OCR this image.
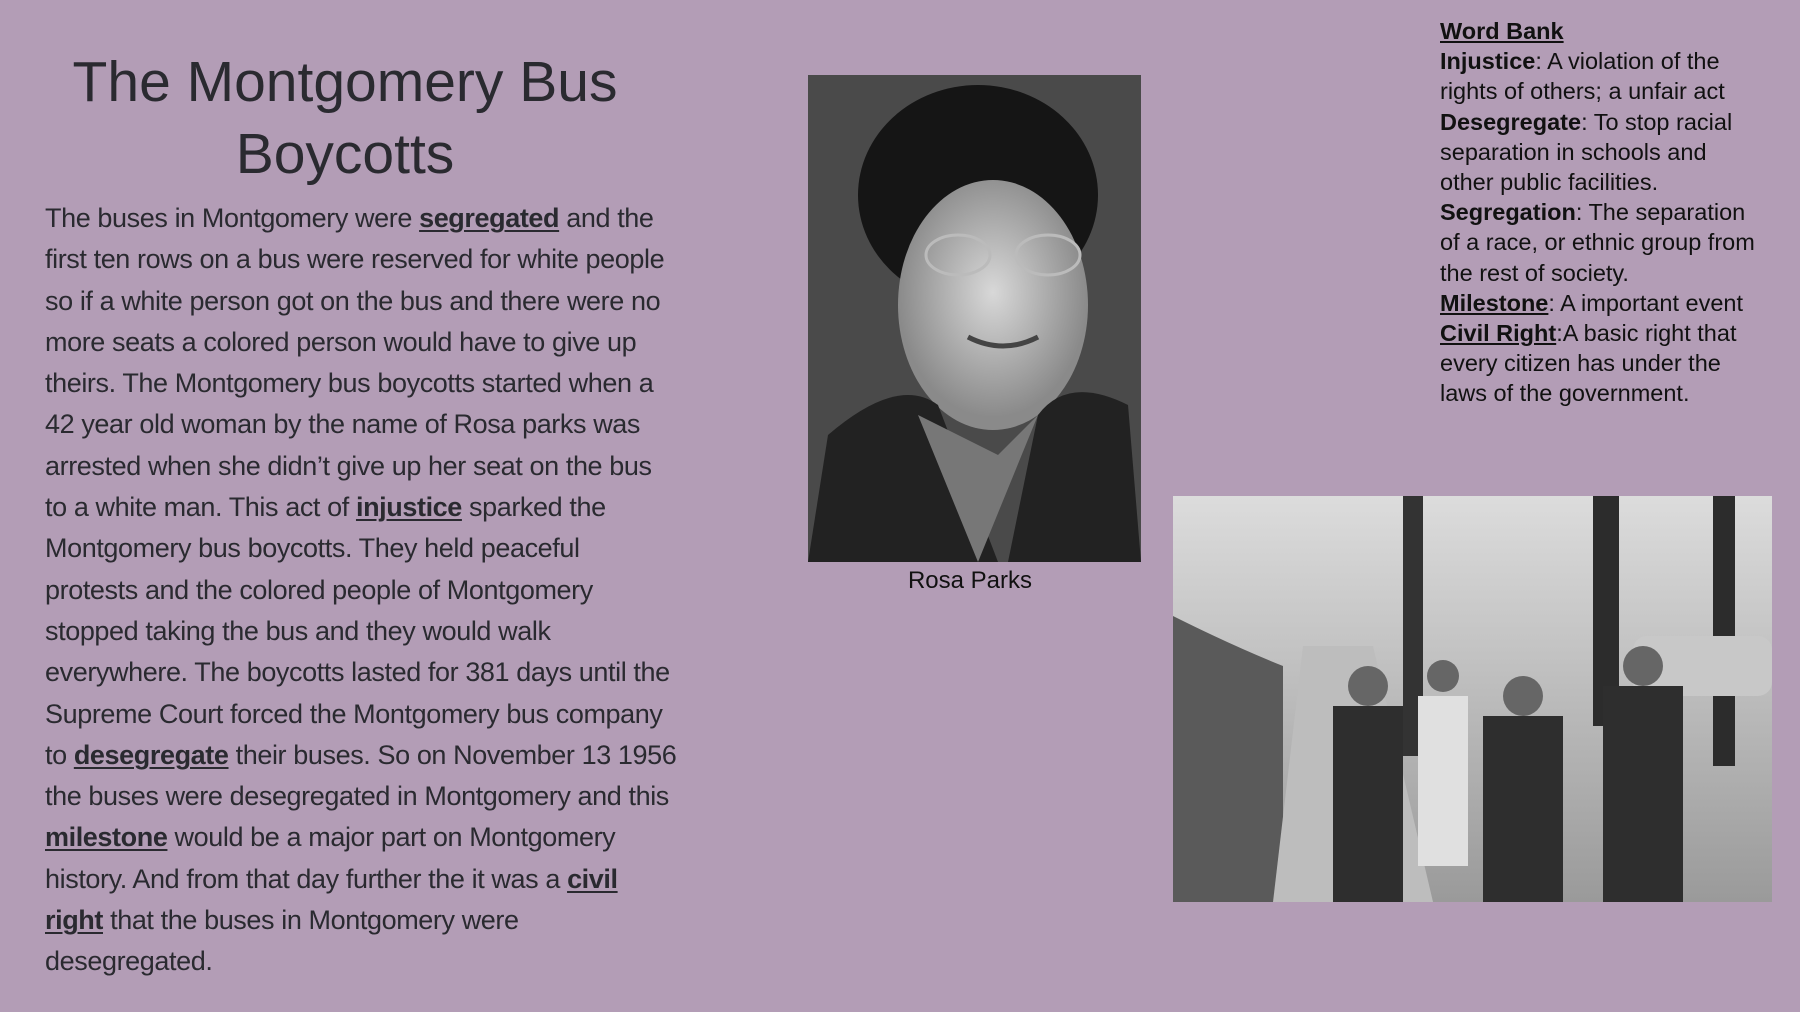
The Montgomery Bus
Boycotts
The buses in Montgomery were segregated and the
first ten rows on a bus were reserved for white people
so if a white person got on the bus and there were no
more seats a colored person would have to give up
theirs. The Montgomery bus boycotts started when a
42 year old woman by the name of Rosa parks was
arrested when she didn’t give up her seat on the bus
to a white man. This act of injustice sparked the
Montgomery bus boycotts. They held peaceful
protests and the colored people of Montgomery
stopped taking the bus and they would walk
everywhere. The boycotts lasted for 381 days until the
Supreme Court forced the Montgomery bus company
to desegregate their buses. So on November 13 1956
the buses were desegregated in Montgomery and this
milestone would be a major part on Montgomery
history. And from that day further the it was a civil
right that the buses in Montgomery were
desegregated.
Rosa Parks
Word Bank
Injustice: A violation of the
rights of others; a unfair act
Desegregate: To stop racial
separation in schools and
other public facilities.
Segregation: The separation
of a race, or ethnic group from
the rest of society.
Milestone: A important event
Civil Right:A basic right that
every citizen has under the
laws of the government.
